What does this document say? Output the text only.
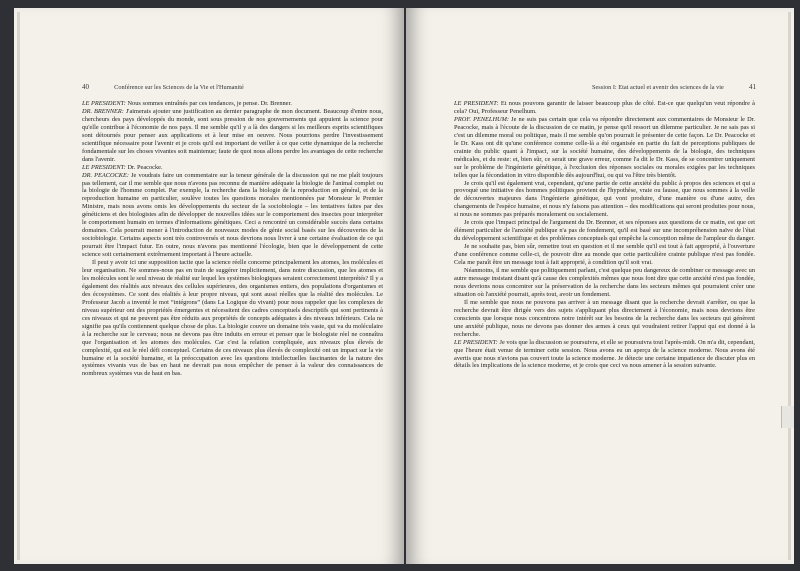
40	Conférence sur les Sciences de la Vie et l'Humanité

LE PRESIDENT: Nous sommes entraînés par ces tendances, je pense. Dr. Brenner.

DR. BRENNER: J'aimerais ajouter une justification au dernier paragraphe de mon document. Beaucoup d'entre nous, chercheurs des pays développés du monde, sont sous pression de nos gouvernements qui appuient la science pour qu'elle contribue à l'économie de nos pays. Il me semble qu'il y a là des dangers si les meilleurs esprits scientifiques sont détournés pour penser aux applications et à leur mise en oeuvre. Nous pourrions perdre l'investissement scientifique nécessaire pour l'avenir et je crois qu'il est important de veiller à ce que cette dynamique de la recherche fondamentale sur les choses vivantes soit maintenue; faute de quoi nous allons perdre les avantages de cette recherche dans l'avenir.

LE PRESIDENT: Dr. Peacocke.

DR. PEACOCKE: Je voudrais faire un commentaire sur la teneur générale de la discussion qui ne me plaît toujours pas tellement, car il me semble que nous n'avons pas reconnu de manière adéquate la biologie de l'animal complet ou la biologie de l'homme complet. Par exemple, la recherche dans la biologie de la reproduction en général, et de la reproduction humaine en particulier, soulève toutes les questions morales mentionnées par Monsieur le Premier Ministre, mais nous avons omis les développements du secteur de la sociobiologie – les tentatives faites par des généticiens et des biologistes afin de développer de nouvelles idées sur le comportement des insectes pour interpréter le comportement humain en termes d'informations génétiques. Ceci a rencontré un considérable succès dans certains domaines. Cela pourrait mener à l'introduction de nouveaux modes de génie social basés sur les découvertes de la sociobiologie. Certains aspects sont très controversés et nous devrions nous livrer à une certaine évaluation de ce qui pourrait être l'impact futur. En outre, nous n'avons pas mentionné l'écologie, bien que le développement de cette science soit certainement extrêmement important à l'heure actuelle.

Il peut y avoir ici une supposition tacite que la science réelle concerne principalement les atomes, les molécules et leur organisation. Ne sommes-nous pas en train de suggérer implicitement, dans notre discussion, que les atomes et les molécules sont le seul niveau de réalité sur lequel les systèmes biologiques seraient correctement interprétés? Il y a également des réalités aux niveaux des cellules supérieures, des organismes entiers, des populations d'organismes et des écosystèmes. Ce sont des réalités à leur propre niveau, qui sont aussi réelles que la réalité des molécules. Le Professeur Jacob a inventé le mot “intégrons” (dans La Logique du vivant) pour nous rappeler que les complexes de niveau supérieur ont des propriétés émergentes et nécessitent des cadres conceptuels descriptifs qui sont pertinents à ces niveaux et qui ne peuvent pas être réduits aux propriétés de concepts adéquates à des niveaux inférieurs. Cela ne signifie pas qu'ils contiennent quelque chose de plus. La biologie couvre un domaine très vaste, qui va du moléculaire à la recherche sur le cerveau; nous ne devons pas être induits en erreur et penser que le biologiste réel ne connaîtra que l'organisation et les atomes des molécules. Car c'est la relation compliquée, aux niveaux plus élevés de complexité, qui est le réel défi conceptuel. Certains de ces niveaux plus élevés de complexité ont un impact sur la vie humaine et la société humaine, et la préoccupation avec les questions intellectuelles fascinantes de la nature des systèmes vivants vus de bas en haut ne devrait pas nous empêcher de penser à la valeur des connaissances de nombreux systèmes vus de haut en bas.

Session I: Etat actuel et avenir des sciences de la vie	41

LE PRESIDENT: Et nous pouvons garantir de laisser beaucoup plus de côté. Est-ce que quelqu'un veut répondre à cela? Oui, Professeur Penelhum.

PROF. PENELHUM: Je ne suis pas certain que cela va répondre directement aux commentaires de Monsieur le Dr. Peacocke, mais à l'écoute de la discussion de ce matin, je pense qu'il ressort un dilemme particulier. Je ne sais pas si c'est un dilemme moral ou politique, mais il me semble qu'on pourrait le présenter de cette façon. Le Dr. Peacocke et le Dr. Kass ont dit qu'une conférence comme celle-là a été organisée en partie du fait de perceptions publiques de crainte du public quant à l'impact, sur la société humaine, des développements de la biologie, des techniques médicales, et du reste: et, bien sûr, ce serait une grave erreur, comme l'a dit le Dr. Kass, de se concentrer uniquement sur le problème de l'ingénierie génétique, à l'exclusion des réponses sociales ou morales exigées par les techniques telles que la fécondation in vitro disponible dès aujourd'hui, ou qui va l'être très bientôt.

Je crois qu'il est également vrai, cependant, qu'une partie de cette anxiété du public à propos des sciences et qui a provoqué une initiative des hommes politiques provient de l'hypothèse, vraie ou fausse, que nous sommes à la veille de découvertes majeures dans l'ingénierie génétique, qui vont produire, d'une manière ou d'une autre, des changements de l'espèce humaine, et nous n'y faisons pas attention – des modifications qui seront produites pour nous, si nous ne sommes pas préparés moralement ou socialement.

Je crois que l'impact principal de l'argument du Dr. Brenner, et ses réponses aux questions de ce matin, est que cet élément particulier de l'anxiété publique n'a pas de fondement, qu'il est basé sur une incompréhension naïve de l'état du développement scientifique et des problèmes conceptuels qui empêche la conception même de l'ampleur du danger.

Je ne souhaite pas, bien sûr, remettre tout en question et il me semble qu'il est tout à fait approprié, à l'ouverture d'une conférence comme celle-ci, de pouvoir dire au monde que cette particulière crainte publique n'est pas fondée. Cela me paraît être un message tout à fait approprié, à condition qu'il soit vrai.

Néanmoins, il me semble que politiquement parlant, c'est quelque peu dangereux de combiner ce message avec un autre message insistant disant qu'à cause des complexités mêmes que nous font dire que cette anxiété n'est pas fondée, nous devrions nous concentrer sur la préservation de la recherche dans les secteurs mêmes qui pourraient créer une situation où l'anxiété pourrait, après tout, avoir un fondement.

Il me semble que nous ne pouvons pas arriver à un message disant que la recherche devrait s'arrêter, ou que la recherche devrait être dirigée vers des sujets s'appliquant plus directement à l'économie, mais nous devrions être conscients que lorsque nous concentrons notre intérêt sur les besoins de la recherche dans les secteurs qui génèrent une anxiété publique, nous ne devons pas donner des armes à ceux qui voudraient retirer l'appui qui est donné à la recherche.

LE PRESIDENT: Je vois que la discussion se poursuivra, et elle se poursuivra tout l'après-midi. On m'a dit, cependant, que l'heure était venue de terminer cette session. Nous avons eu un aperçu de la science moderne. Nous avons été avertis que nous n'avions pas couvert toute la science moderne. Je détecte une certaine impatience de discuter plus en détails les implications de la science moderne, et je crois que ceci va nous amener à la session suivante.
